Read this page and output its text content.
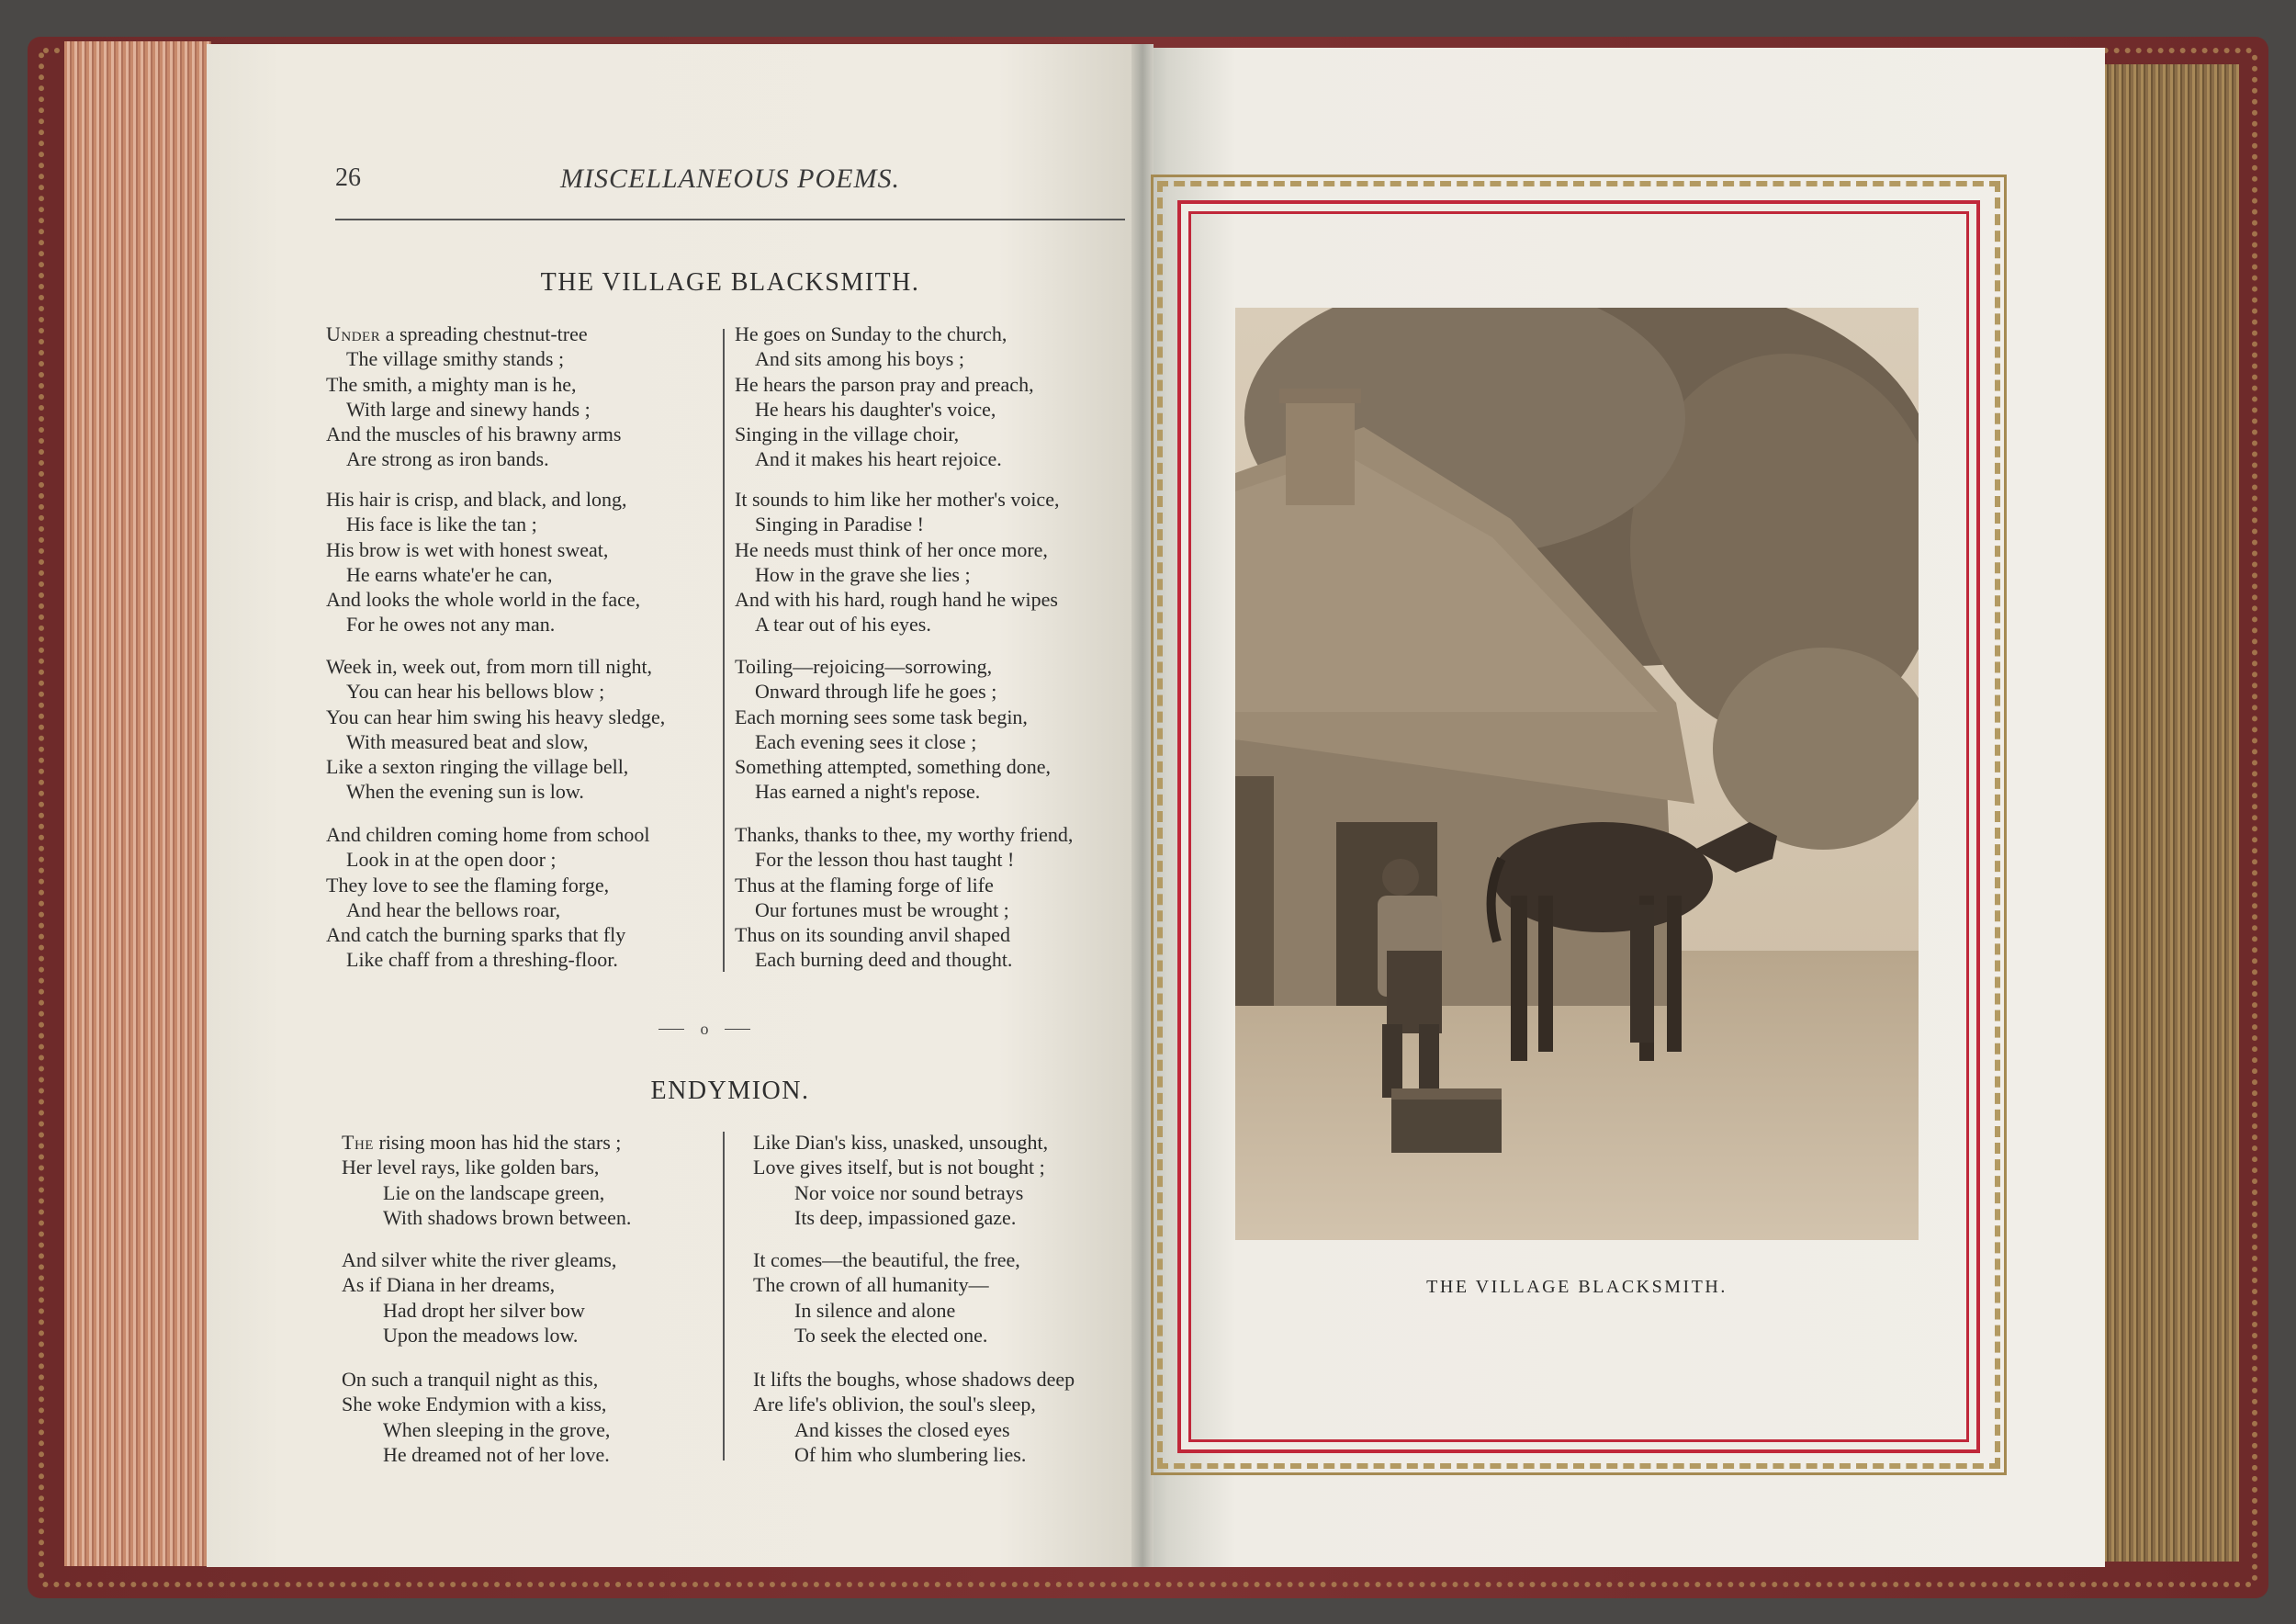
26	MISCELLANEOUS POEMS.
THE VILLAGE BLACKSMITH.
Under a spreading chestnut-tree
The village smithy stands ;
The smith, a mighty man is he,
With large and sinewy hands ;
And the muscles of his brawny arms
Are strong as iron bands.
His hair is crisp, and black, and long,
His face is like the tan ;
His brow is wet with honest sweat,
He earns whate'er he can,
And looks the whole world in the face,
For he owes not any man.
Week in, week out, from morn till night,
You can hear his bellows blow ;
You can hear him swing his heavy sledge,
With measured beat and slow,
Like a sexton ringing the village bell,
When the evening sun is low.
And children coming home from school
Look in at the open door ;
They love to see the flaming forge,
And hear the bellows roar,
And catch the burning sparks that fly
Like chaff from a threshing-floor.
He goes on Sunday to the church,
And sits among his boys ;
He hears the parson pray and preach,
He hears his daughter's voice,
Singing in the village choir,
And it makes his heart rejoice.
It sounds to him like her mother's voice,
Singing in Paradise !
He needs must think of her once more,
How in the grave she lies ;
And with his hard, rough hand he wipes
A tear out of his eyes.
Toiling—rejoicing—sorrowing,
Onward through life he goes ;
Each morning sees some task begin,
Each evening sees it close ;
Something attempted, something done,
Has earned a night's repose.
Thanks, thanks to thee, my worthy friend,
For the lesson thou hast taught !
Thus at the flaming forge of life
Our fortunes must be wrought ;
Thus on its sounding anvil shaped
Each burning deed and thought.
o
ENDYMION.
The rising moon has hid the stars ;
Her level rays, like golden bars,
Lie on the landscape green,
With shadows brown between.
And silver white the river gleams,
As if Diana in her dreams,
Had dropt her silver bow
Upon the meadows low.
On such a tranquil night as this,
She woke Endymion with a kiss,
When sleeping in the grove,
He dreamed not of her love.
Like Dian's kiss, unasked, unsought,
Love gives itself, but is not bought ;
Nor voice nor sound betrays
Its deep, impassioned gaze.
It comes—the beautiful, the free,
The crown of all humanity—
In silence and alone
To seek the elected one.
It lifts the boughs, whose shadows deep
Are life's oblivion, the soul's sleep,
And kisses the closed eyes
Of him who slumbering lies.
THE VILLAGE BLACKSMITH.
